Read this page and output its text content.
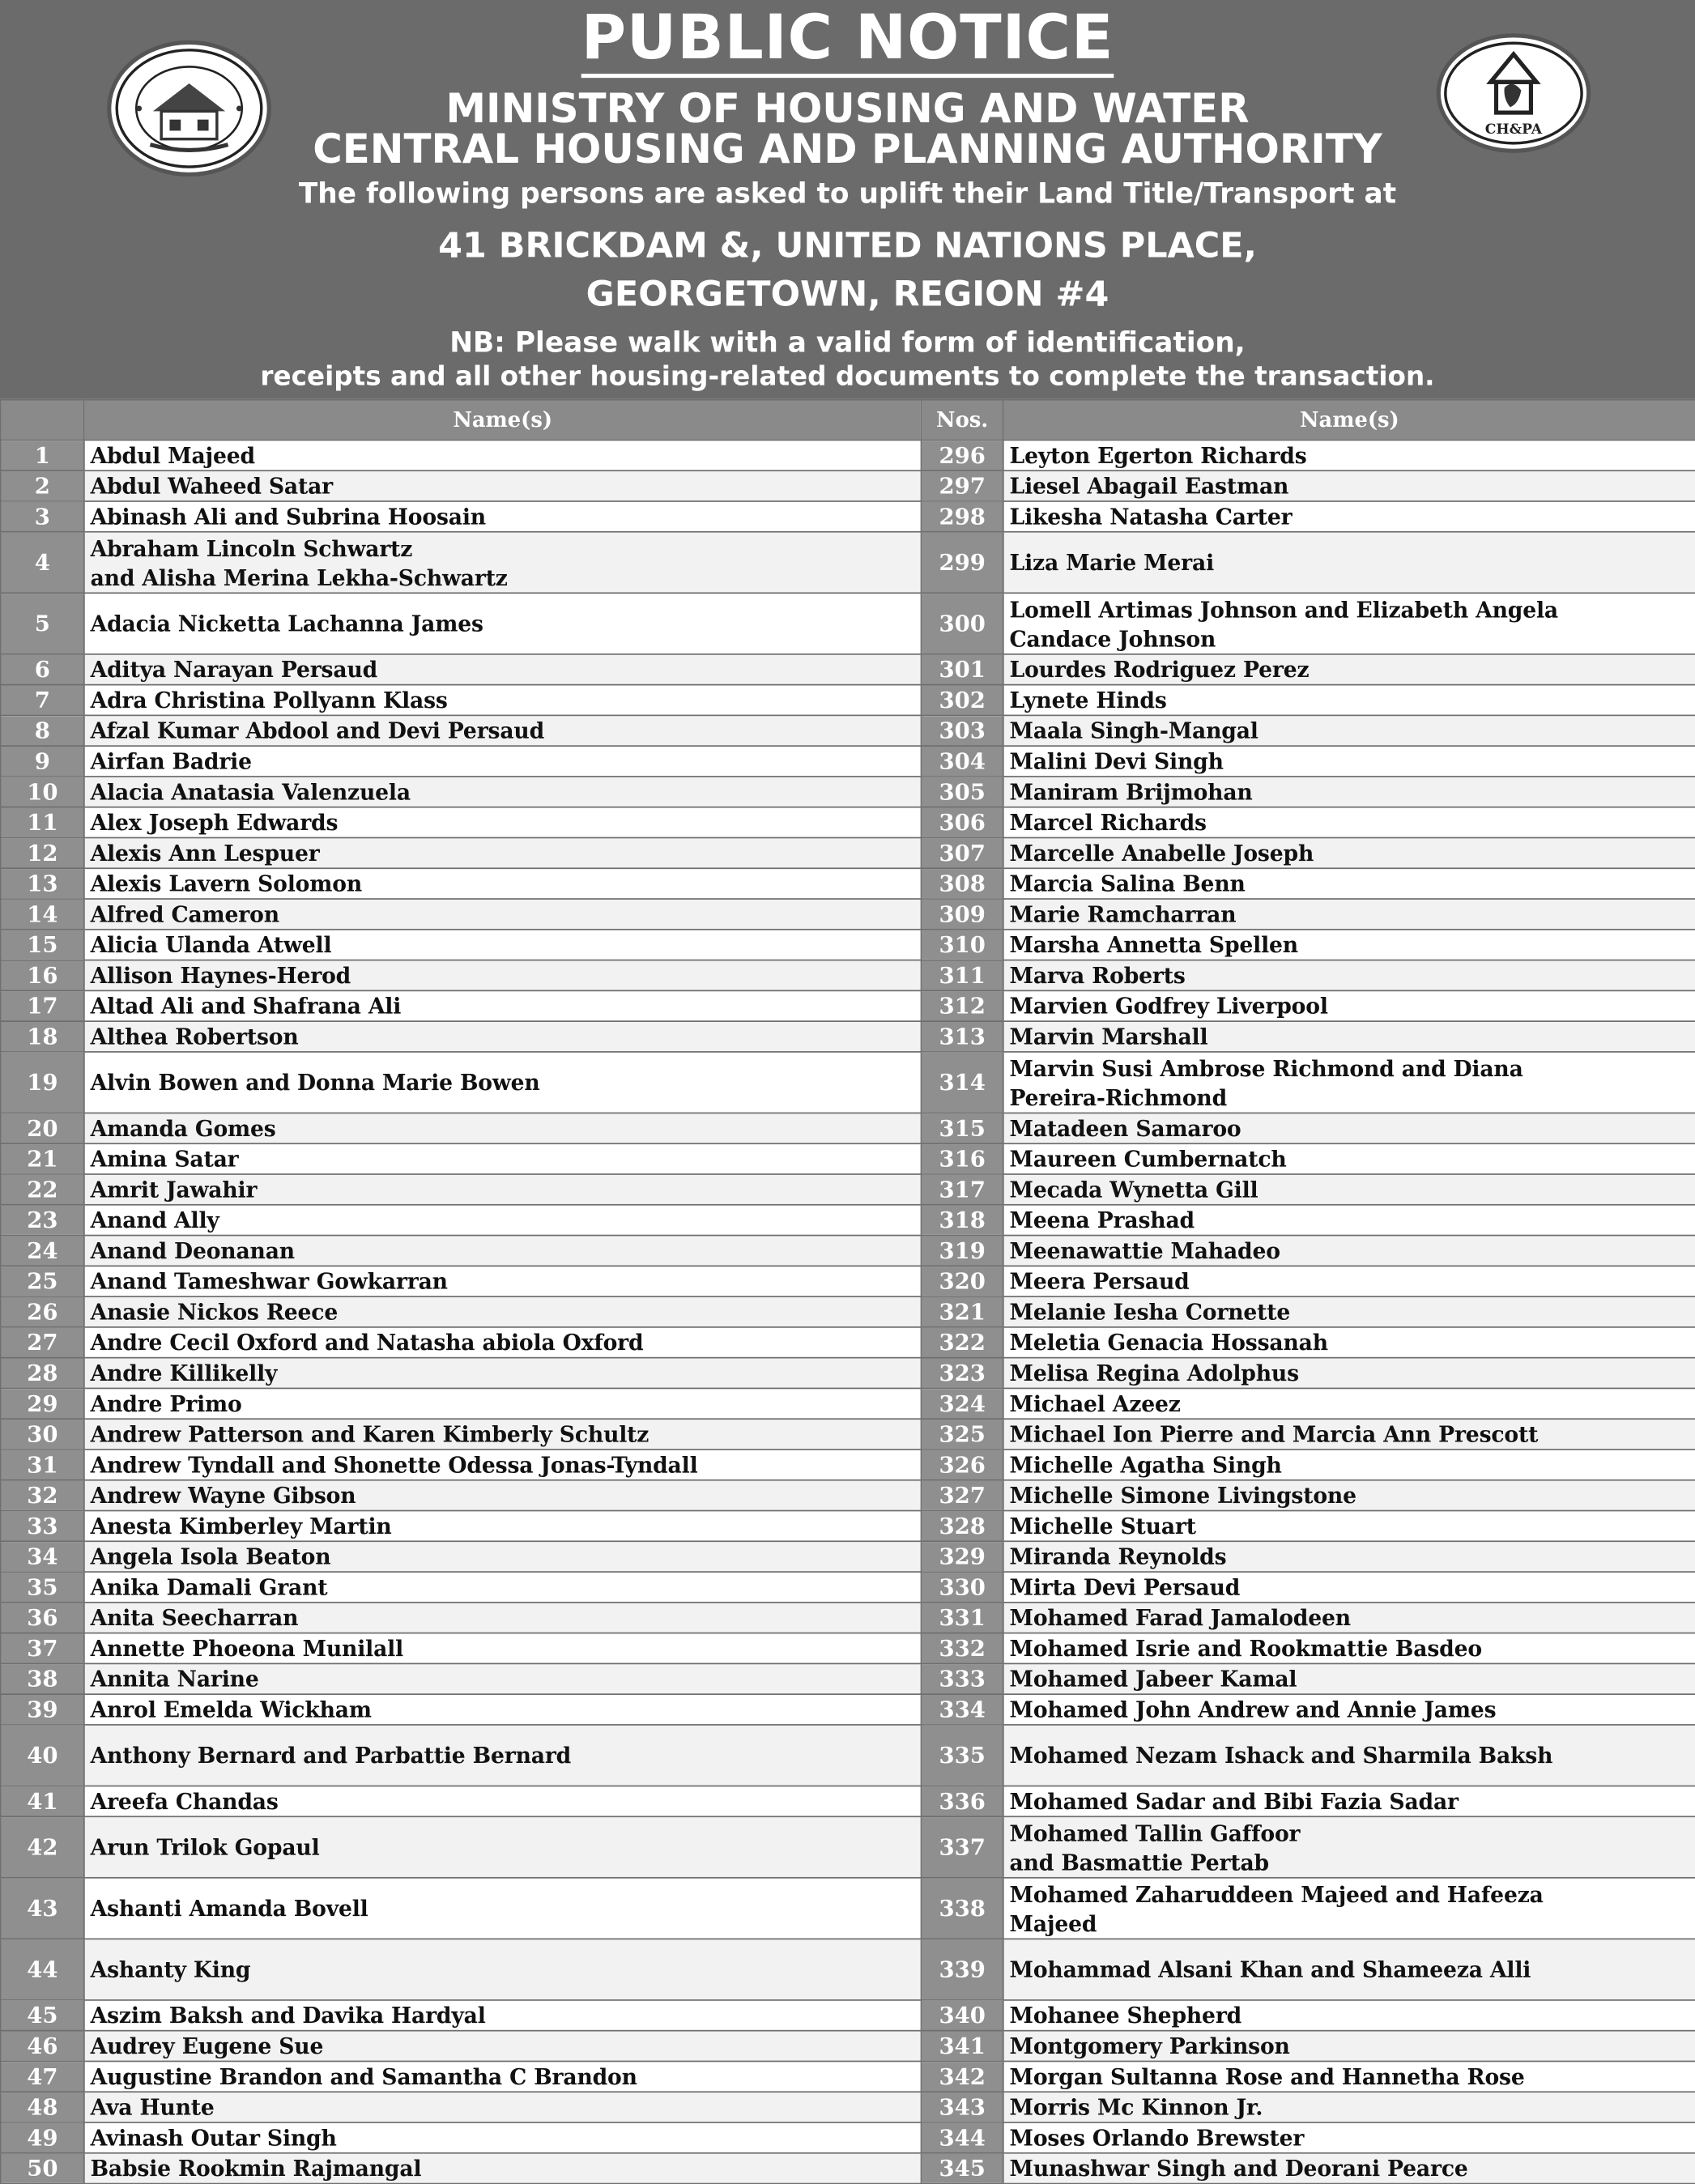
PUBLIC NOTICE
MINISTRY OF HOUSING AND WATER
CENTRAL HOUSING AND PLANNING AUTHORITY
The following persons are asked to uplift their Land Title/Transport at
41 BRICKDAM &, UNITED NATIONS PLACE,
GEORGETOWN, REGION #4
NB: Please walk with a valid form of identification,
receipts and all other housing-related documents to complete the transaction.
CH&PA
	Name(s)	Nos.	Name(s)
1	Abdul Majeed	296	Leyton Egerton Richards

2	Abdul Waheed Satar	297	Liesel Abagail Eastman

3	Abinash Ali and Subrina Hoosain	298	Likesha Natasha Carter

4	Abraham Lincoln Schwartz
and Alisha Merina Lekha-Schwartz	299	Liza Marie Merai

5	Adacia Nicketta Lachanna James	300	Lomell Artimas Johnson and Elizabeth Angela
Candace Johnson

6	Aditya Narayan Persaud	301	Lourdes Rodriguez Perez

7	Adra Christina Pollyann Klass	302	Lynete Hinds

8	Afzal Kumar Abdool and Devi Persaud	303	Maala Singh-Mangal

9	Airfan Badrie	304	Malini Devi Singh

10	Alacia Anatasia Valenzuela	305	Maniram Brijmohan

11	Alex Joseph Edwards	306	Marcel Richards

12	Alexis Ann Lespuer	307	Marcelle Anabelle Joseph

13	Alexis Lavern Solomon	308	Marcia Salina Benn

14	Alfred Cameron	309	Marie Ramcharran

15	Alicia Ulanda Atwell	310	Marsha Annetta Spellen

16	Allison Haynes-Herod	311	Marva Roberts

17	Altad Ali and Shafrana Ali	312	Marvien Godfrey Liverpool

18	Althea Robertson	313	Marvin Marshall

19	Alvin Bowen and Donna Marie Bowen	314	Marvin Susi Ambrose Richmond and Diana
Pereira-Richmond

20	Amanda Gomes	315	Matadeen Samaroo

21	Amina Satar	316	Maureen Cumbernatch

22	Amrit Jawahir	317	Mecada Wynetta Gill

23	Anand Ally	318	Meena Prashad

24	Anand Deonanan	319	Meenawattie Mahadeo

25	Anand Tameshwar Gowkarran	320	Meera Persaud

26	Anasie Nickos Reece	321	Melanie Iesha Cornette

27	Andre Cecil Oxford and Natasha abiola Oxford	322	Meletia Genacia Hossanah

28	Andre Killikelly	323	Melisa Regina Adolphus

29	Andre Primo	324	Michael Azeez

30	Andrew Patterson and Karen Kimberly Schultz	325	Michael Ion Pierre and Marcia Ann Prescott

31	Andrew Tyndall and Shonette Odessa Jonas-Tyndall	326	Michelle Agatha Singh

32	Andrew Wayne Gibson	327	Michelle Simone Livingstone

33	Anesta Kimberley Martin	328	Michelle Stuart

34	Angela Isola Beaton	329	Miranda Reynolds

35	Anika Damali Grant	330	Mirta Devi Persaud

36	Anita Seecharran	331	Mohamed Farad Jamalodeen

37	Annette Phoeona Munilall	332	Mohamed Isrie and Rookmattie Basdeo

38	Annita Narine	333	Mohamed Jabeer Kamal

39	Anrol Emelda Wickham	334	Mohamed John Andrew and Annie James

40	Anthony Bernard and Parbattie Bernard	335	Mohamed Nezam Ishack and Sharmila Baksh

41	Areefa Chandas	336	Mohamed Sadar and Bibi Fazia Sadar

42	Arun Trilok Gopaul	337	Mohamed Tallin Gaffoor
and Basmattie Pertab

43	Ashanti Amanda Bovell	338	Mohamed Zaharuddeen Majeed and Hafeeza
Majeed

44	Ashanty King	339	Mohammad Alsani Khan and Shameeza Alli

45	Aszim Baksh and Davika Hardyal	340	Mohanee Shepherd

46	Audrey Eugene Sue	341	Montgomery Parkinson

47	Augustine Brandon and Samantha C Brandon	342	Morgan Sultanna Rose and Hannetha Rose

48	Ava Hunte	343	Morris Mc Kinnon Jr.

49	Avinash Outar Singh	344	Moses Orlando Brewster

50	Babsie Rookmin Rajmangal	345	Munashwar Singh and Deorani Pearce
